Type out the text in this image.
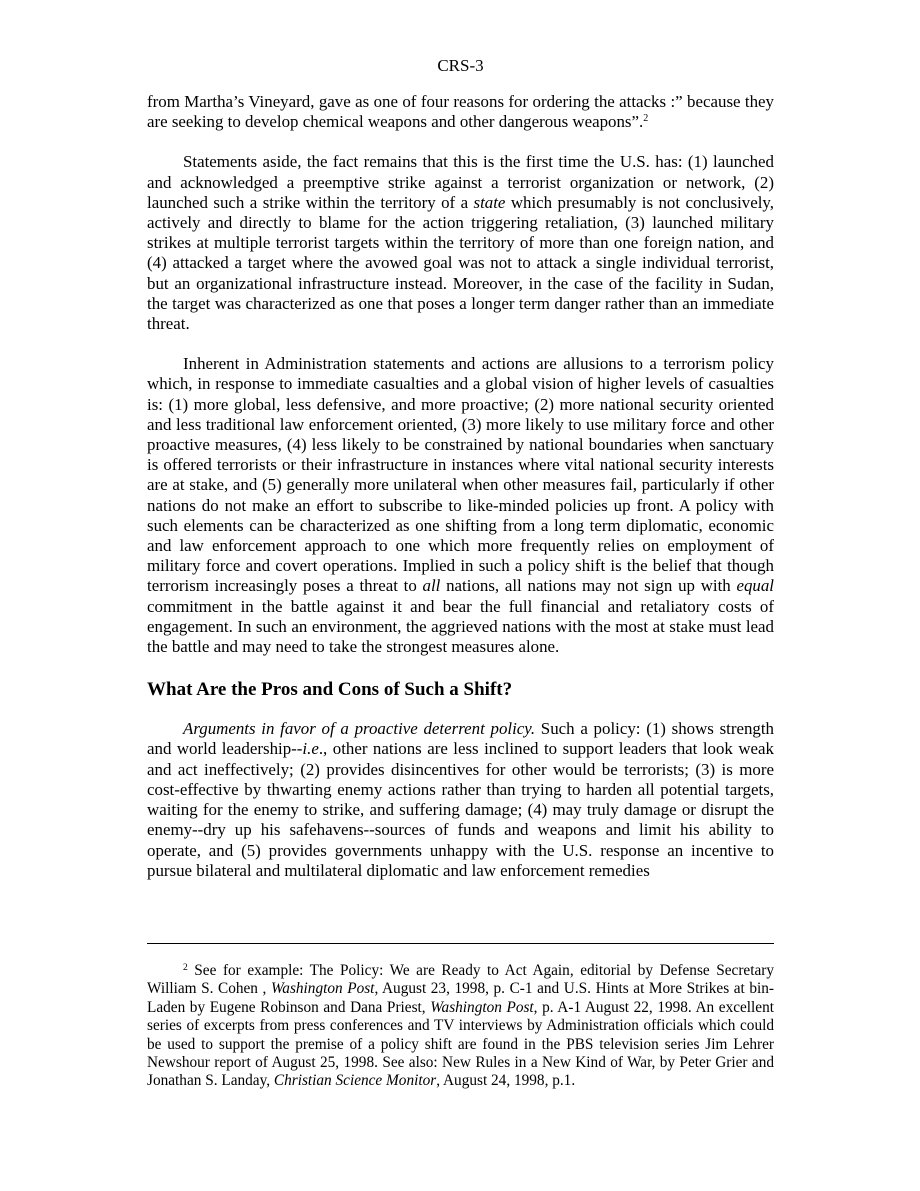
CRS-3

from Martha’s Vineyard, gave as one of four reasons for ordering the attacks :” because they are seeking to develop chemical weapons and other dangerous weapons”.$^2$

Statements aside, the fact remains that this is the first time the U.S. has: (1) launched and acknowledged a preemptive strike against a terrorist organization or network, (2) launched such a strike within the territory of a state which presumably is not conclusively, actively and directly to blame for the action triggering retaliation, (3) launched military strikes at multiple terrorist targets within the territory of more than one foreign nation, and (4) attacked a target where the avowed goal was not to attack a single individual terrorist, but an organizational infrastructure instead. Moreover, in the case of the facility in Sudan, the target was characterized as one that poses a longer term danger rather than an immediate threat.

Inherent in Administration statements and actions are allusions to a terrorism policy which, in response to immediate casualties and a global vision of higher levels of casualties is: (1) more global, less defensive, and more proactive; (2) more national security oriented and less traditional law enforcement oriented, (3) more likely to use military force and other proactive measures, (4) less likely to be constrained by national boundaries when sanctuary is offered terrorists or their infrastructure in instances where vital national security interests are at stake, and (5) generally more unilateral when other measures fail, particularly if other nations do not make an effort to subscribe to like-minded policies up front. A policy with such elements can be characterized as one shifting from a long term diplomatic, economic and law enforcement approach to one which more frequently relies on employment of military force and covert operations. Implied in such a policy shift is the belief that though terrorism increasingly poses a threat to all nations, all nations may not sign up with equal commitment in the battle against it and bear the full financial and retaliatory costs of engagement. In such an environment, the aggrieved nations with the most at stake must lead the battle and may need to take the strongest measures alone.

What Are the Pros and Cons of Such a Shift?

Arguments in favor of a proactive deterrent policy. Such a policy: (1) shows strength and world leadership--i.e., other nations are less inclined to support leaders that look weak and act ineffectively; (2) provides disincentives for other would be terrorists; (3) is more cost-effective by thwarting enemy actions rather than trying to harden all potential targets, waiting for the enemy to strike, and suffering damage; (4) may truly damage or disrupt the enemy--dry up his safehavens--sources of funds and weapons and limit his ability to operate, and (5) provides governments unhappy with the U.S. response an incentive to pursue bilateral and multilateral diplomatic and law enforcement remedies

$^2$ See for example: The Policy: We are Ready to Act Again, editorial by Defense Secretary William S. Cohen , Washington Post, August 23, 1998, p. C-1 and U.S. Hints at More Strikes at bin-Laden by Eugene Robinson and Dana Priest, Washington Post, p. A-1 August 22, 1998. An excellent series of excerpts from press conferences and TV interviews by Administration officials which could be used to support the premise of a policy shift are found in the PBS television series Jim Lehrer Newshour report of August 25, 1998. See also: New Rules in a New Kind of War, by Peter Grier and Jonathan S. Landay, Christian Science Monitor, August 24, 1998, p.1.
